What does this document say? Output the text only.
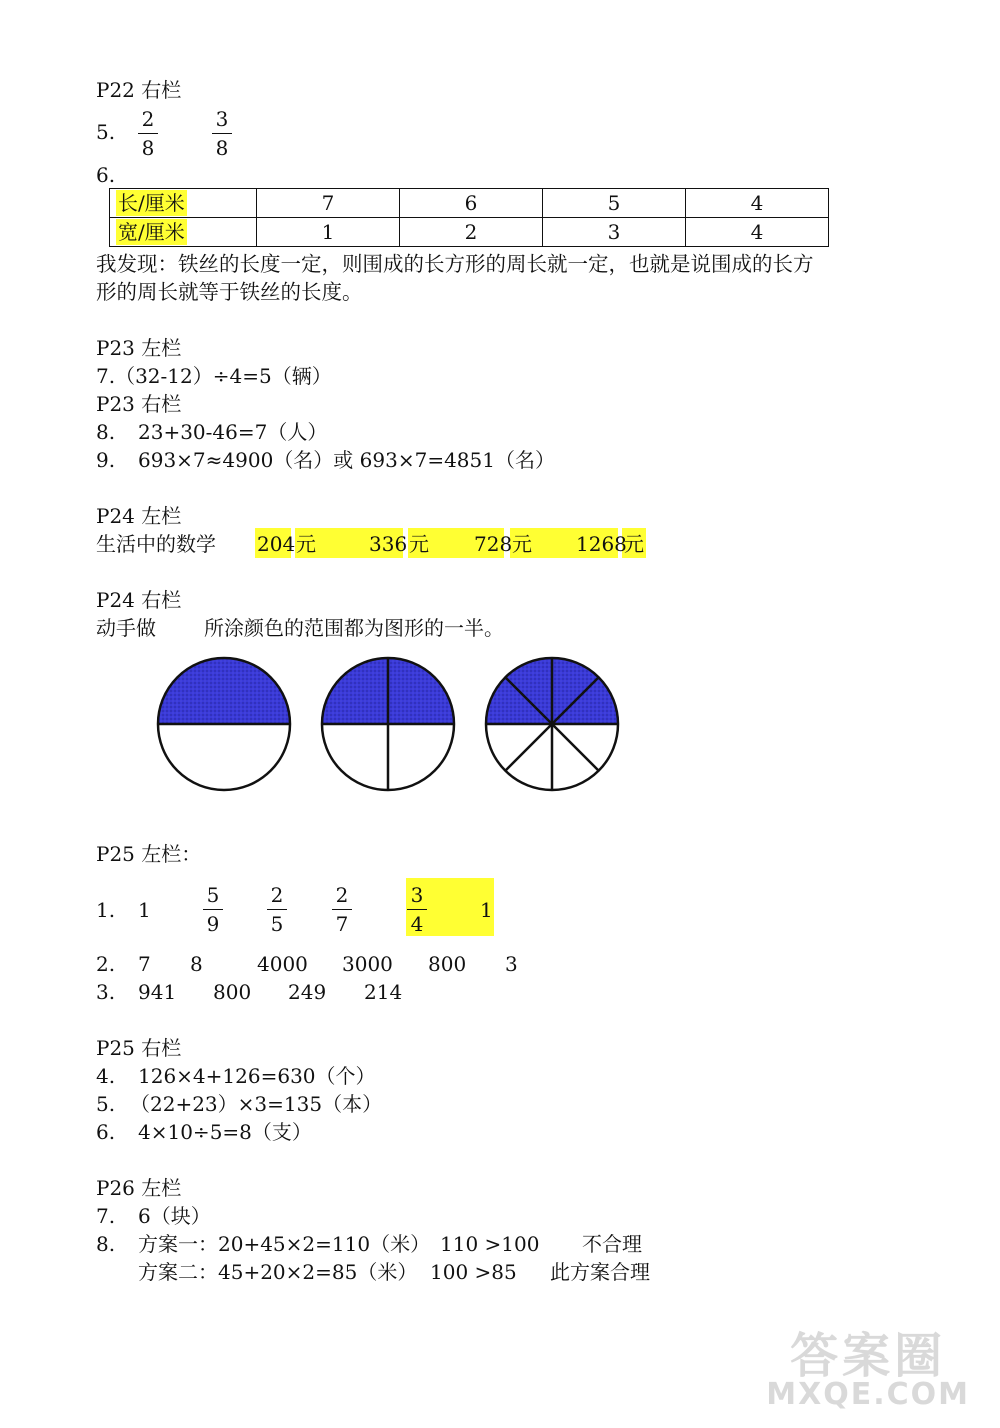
P22 右栏
5.
2
8
3
8
6.
长/厘米	7	6	5	4
宽/厘米	1	2	3	4
我发现：铁丝的长度一定，则围成的长方形的周长就一定，也就是说围成的长方
形的周长就等于铁丝的长度。
P23 左栏
7.（32-12）÷4=5（辆）
P23 右栏
8. 23+30-46=7（人）
9. 693×7≈4900（名）或 693×7=4851（名）
P24 左栏
生活中的数学 204 元	336 元 728 元 1268
元
P24 右栏
动手做 所涂颜色的范围都为图形的一半。
P25 左栏：
1. 1
5
9
2
5
2
7
3
4
1
2. 7 8	4000 3000 800 3
3. 941 800 249 214
P25 右栏
4. 126×4+126=630（个）
5. （22+23）×3=135（本）
6. 4×10÷5=8（支）
P26 左栏
7. 6（块）
8. 方案一：20+45×2=110（米） 110 >100 不合理
方案二：45+20×2=85（米） 100 >85 此方案合理
答案圈
MXQE.COM
